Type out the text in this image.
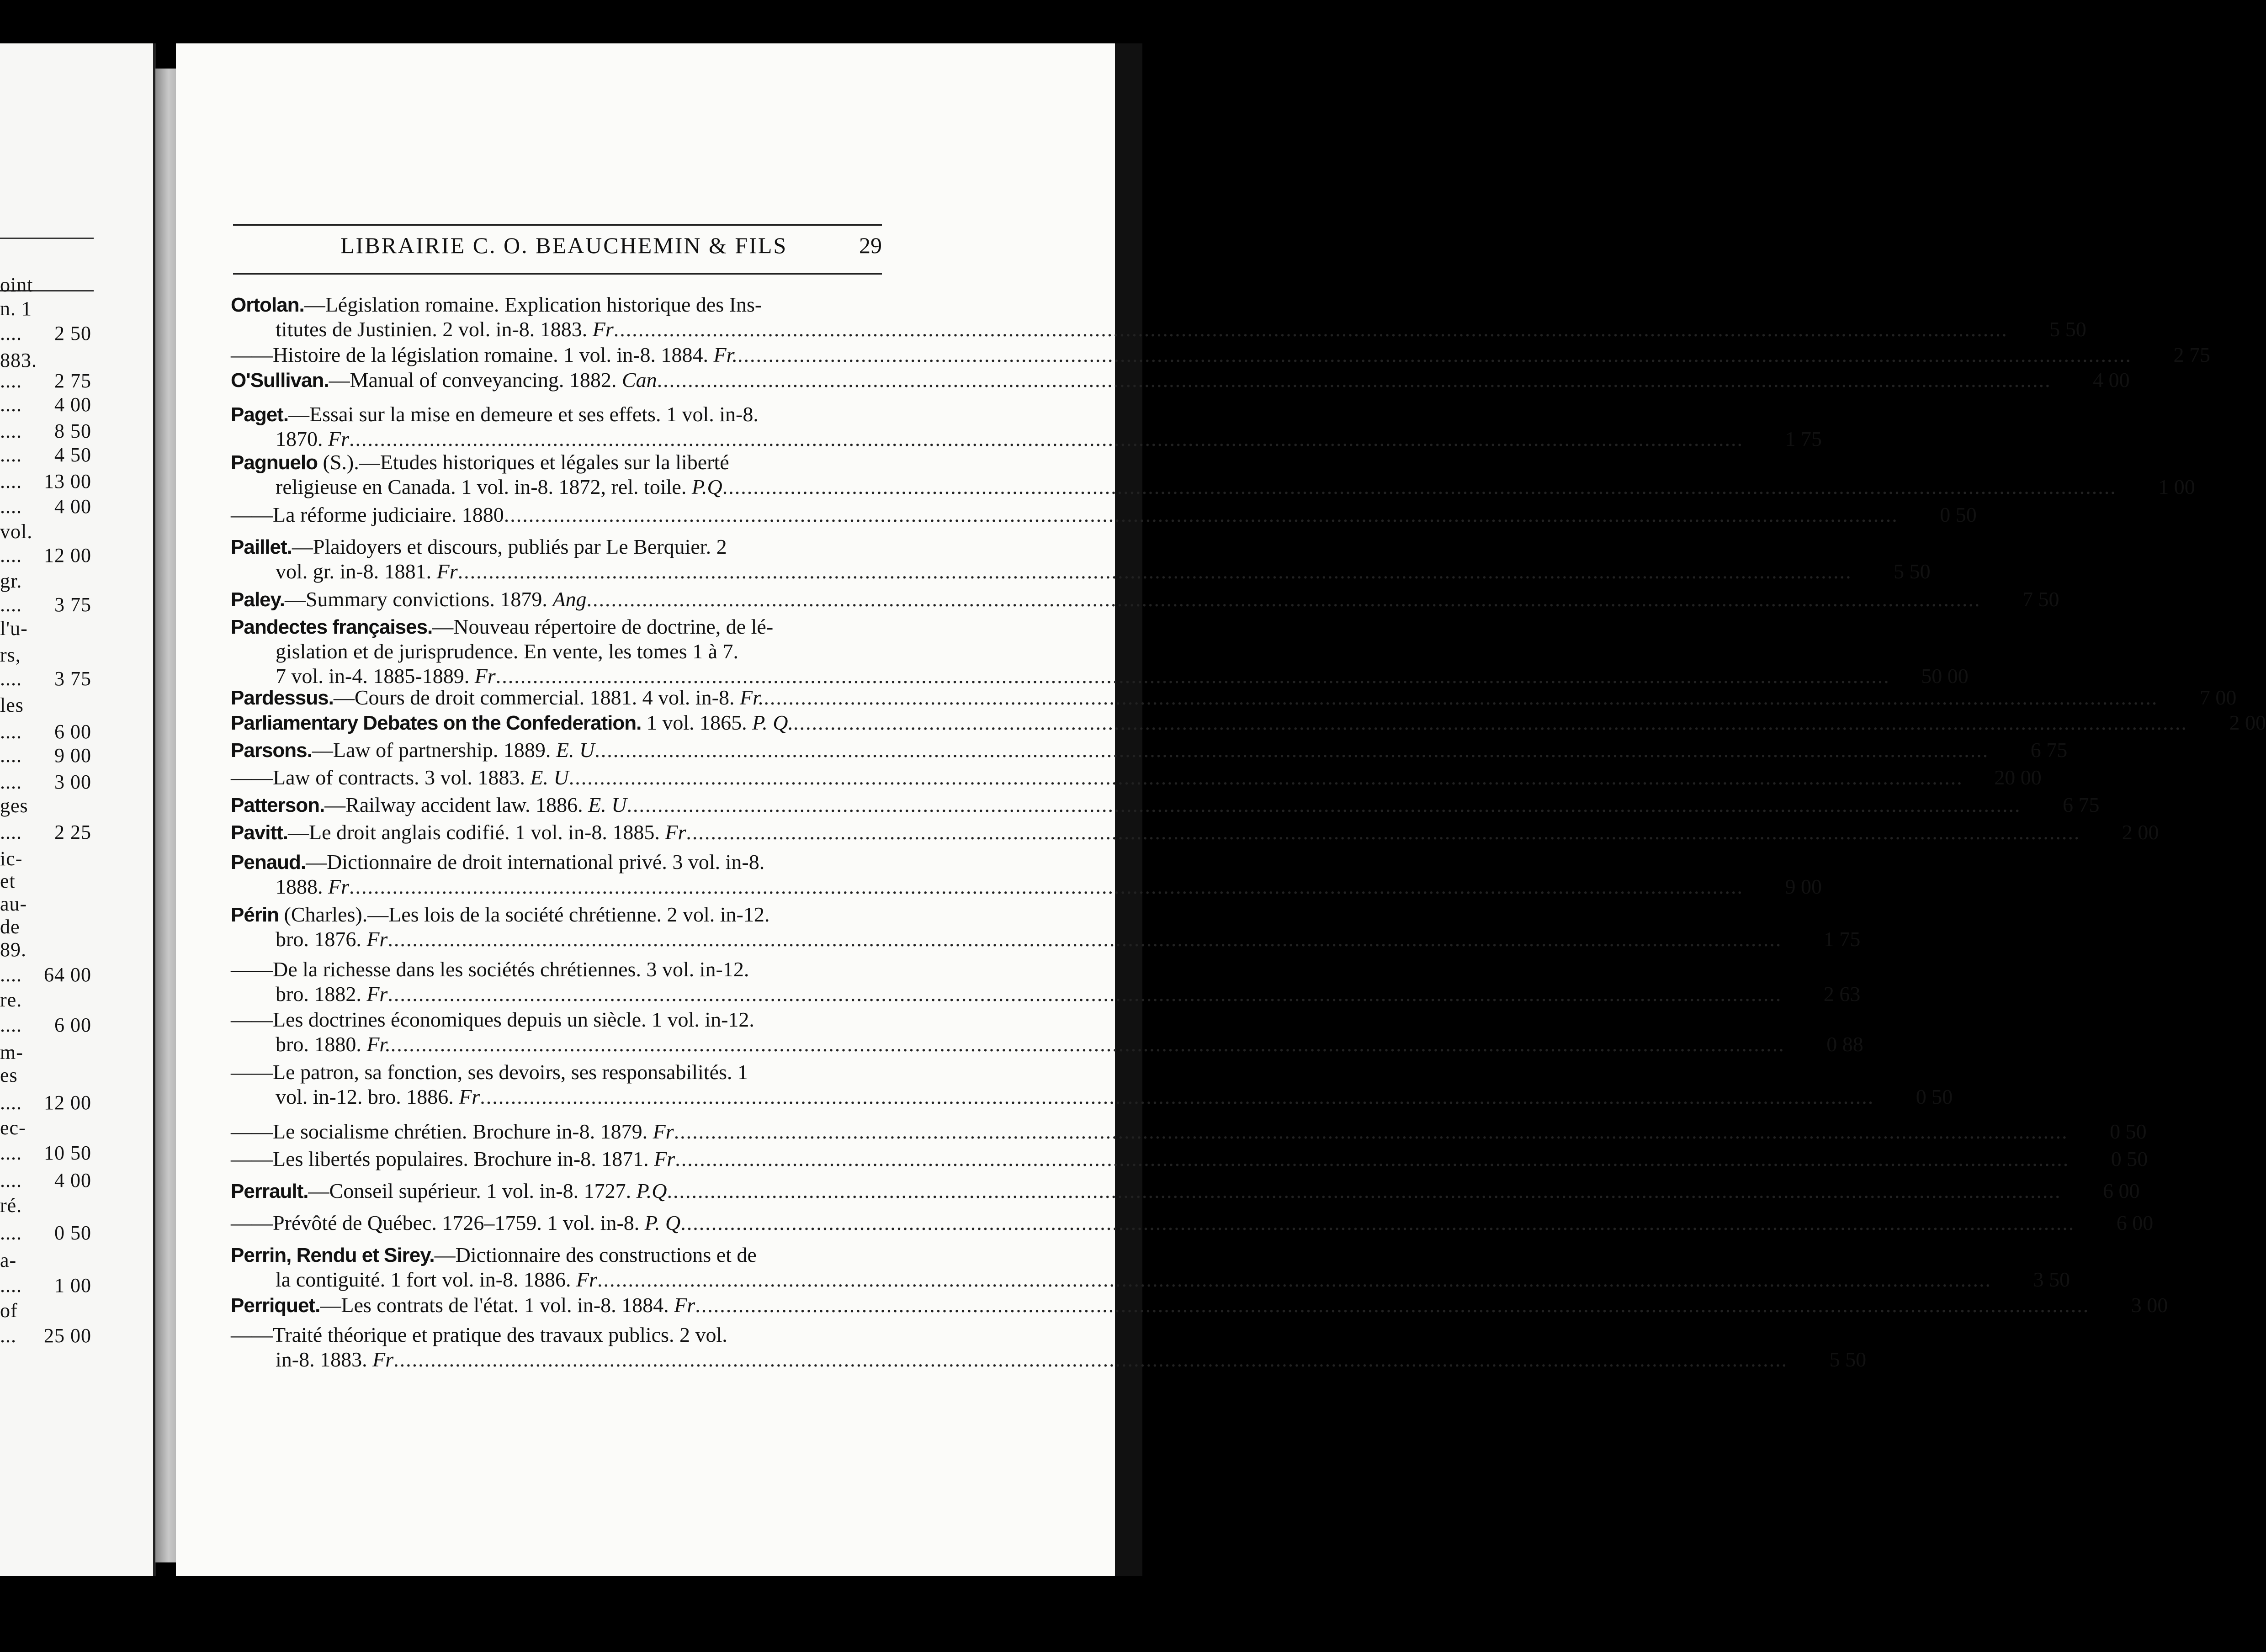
oint
n. 1
....	2 50
883.
....	2 75
....	4 00
....	8 50
....	4 50
....	13 00
....	4 00
vol.
....	12 00
gr.
....	3 75
l'u-
rs,
....	3 75
les
....	6 00
....	9 00
....	3 00
ges
....	2 25
ic-
et
au-
de
89.
....	64 00
re.
....	6 00
m-
es
....	12 00
ec-
....	10 50
....	4 00
ré.
....	0 50
a-
....	1 00
of
...	25 00
LIBRAIRIE C. O. BEAUCHEMIN & FILS	29
Ortolan.—Législation romaine. Explication historique des Ins-
titutes de Justinien. 2 vol. in-8. 1883. Fr .....	5 50
——Histoire de la législation romaine. 1 vol. in-8. 1884. Fr. .....	2 75
O'Sullivan.—Manual of conveyancing. 1882. Can .....	4 00
Paget.—Essai sur la mise en demeure et ses effets. 1 vol. in-8.
1870. Fr .....	1 75
Pagnuelo (S.).—Etudes historiques et légales sur la liberté
religieuse en Canada. 1 vol. in-8. 1872, rel. toile. P.Q .....	1 00
——La réforme judiciaire. 1880 .....	0 50
Paillet.—Plaidoyers et discours, publiés par Le Berquier. 2
vol. gr. in-8. 1881. Fr .....	5 50
Paley.—Summary convictions. 1879. Ang .....	7 50
Pandectes françaises.—Nouveau répertoire de doctrine, de lé-
gislation et de jurisprudence. En vente, les tomes 1 à 7.
7 vol. in-4. 1885-1889. Fr .....	50 00
Pardessus.—Cours de droit commercial. 1881. 4 vol. in-8. Fr. .....	7 00
Parliamentary Debates on the Confederation. 1 vol. 1865. P. Q. .....	2 00
Parsons.—Law of partnership. 1889. E. U .....	6 75
——Law of contracts. 3 vol. 1883. E. U .....	20 00
Patterson.—Railway accident law. 1886. E. U .....	6 75
Pavitt.—Le droit anglais codifié. 1 vol. in-8. 1885. Fr .....	2 00
Penaud.—Dictionnaire de droit international privé. 3 vol. in-8.
1888. Fr .....	9 00
Périn (Charles).—Les lois de la société chrétienne. 2 vol. in-12.
bro. 1876. Fr .....	1 75
——De la richesse dans les sociétés chrétiennes. 3 vol. in-12.
bro. 1882. Fr .....	2 63
——Les doctrines économiques depuis un siècle. 1 vol. in-12.
bro. 1880. Fr. .....	0 88
——Le patron, sa fonction, ses devoirs, ses responsabilités. 1
vol. in-12. bro. 1886. Fr .....	0 50
——Le socialisme chrétien. Brochure in-8. 1879. Fr .....	0 50
——Les libertés populaires. Brochure in-8. 1871. Fr .....	0 50
Perrault.—Conseil supérieur. 1 vol. in-8. 1727. P.Q .....	6 00
——Prévôté de Québec. 1726–1759. 1 vol. in-8. P. Q .....	6 00
Perrin, Rendu et Sirey.—Dictionnaire des constructions et de
la contiguité. 1 fort vol. in-8. 1886. Fr .....	3 50
Perriquet.—Les contrats de l'état. 1 vol. in-8. 1884. Fr .....	3 00
——Traité théorique et pratique des travaux publics. 2 vol.
in-8. 1883. Fr .....	5 50
